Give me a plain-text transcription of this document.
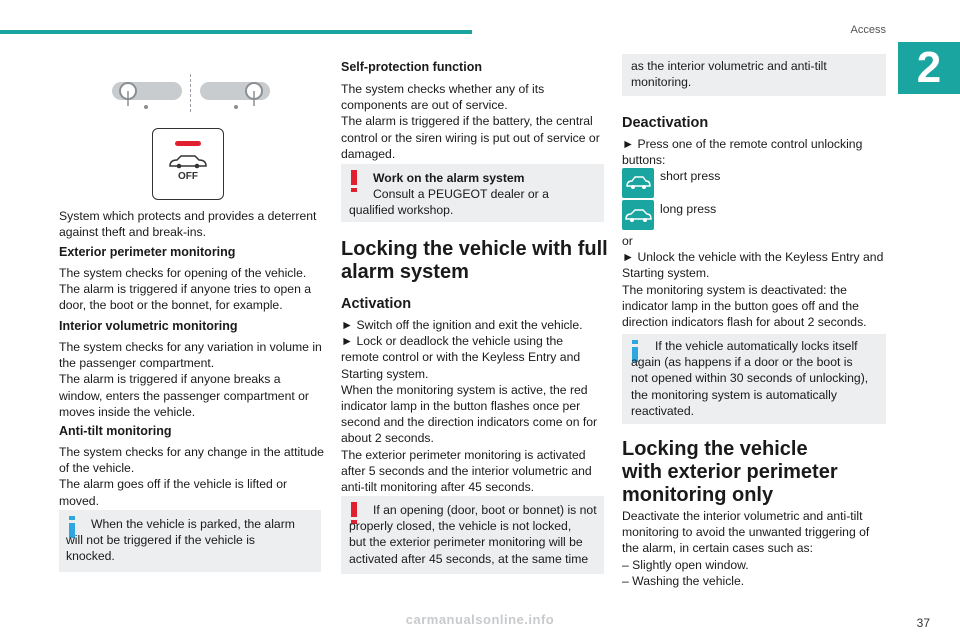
Access
2
OFF
System which protects and provides a deterrent
against theft and break-ins.
Exterior perimeter monitoring
The system checks for opening of the vehicle.
The alarm is triggered if anyone tries to open a
door, the boot or the bonnet, for example.
Interior volumetric monitoring
The system checks for any variation in volume in
the passenger compartment.
The alarm is triggered if anyone breaks a
window, enters the passenger compartment or
moves inside the vehicle.
Anti-tilt monitoring
The system checks for any change in the attitude
of the vehicle.
The alarm goes off if the vehicle is lifted or
moved.
When the vehicle is parked, the alarm
will not be triggered if the vehicle is
knocked.
Self-protection function
The system checks whether any of its
components are out of service.
The alarm is triggered if the battery, the central
control or the siren wiring is put out of service or
damaged.
Work on the alarm system
Consult a PEUGEOT dealer or a
qualified workshop.
Locking the vehicle with full
alarm system
Activation
► Switch off the ignition and exit the vehicle.
► Lock or deadlock the vehicle using the
remote control or with the Keyless Entry and
Starting system.
When the monitoring system is active, the red
indicator lamp in the button flashes once per
second and the direction indicators come on for
about 2 seconds.
The exterior perimeter monitoring is activated
after 5 seconds and the interior volumetric and
anti-tilt monitoring after 45 seconds.
If an opening (door, boot or bonnet) is not
properly closed, the vehicle is not locked,
but the exterior perimeter monitoring will be
activated after 45 seconds, at the same time
as the interior volumetric and anti-tilt
monitoring.
Deactivation
► Press one of the remote control unlocking
buttons:
short press
long press
or
► Unlock the vehicle with the Keyless Entry and
Starting system.
The monitoring system is deactivated: the
indicator lamp in the button goes off and the
direction indicators flash for about 2 seconds.
If the vehicle automatically locks itself
again (as happens if a door or the boot is
not opened within 30 seconds of unlocking),
the monitoring system is automatically
reactivated.
Locking the vehicle
with exterior perimeter
monitoring only
Deactivate the interior volumetric and anti-tilt
monitoring to avoid the unwanted triggering of
the alarm, in certain cases such as:
– Slightly open window.
– Washing the vehicle.
carmanualsonline.info	37
